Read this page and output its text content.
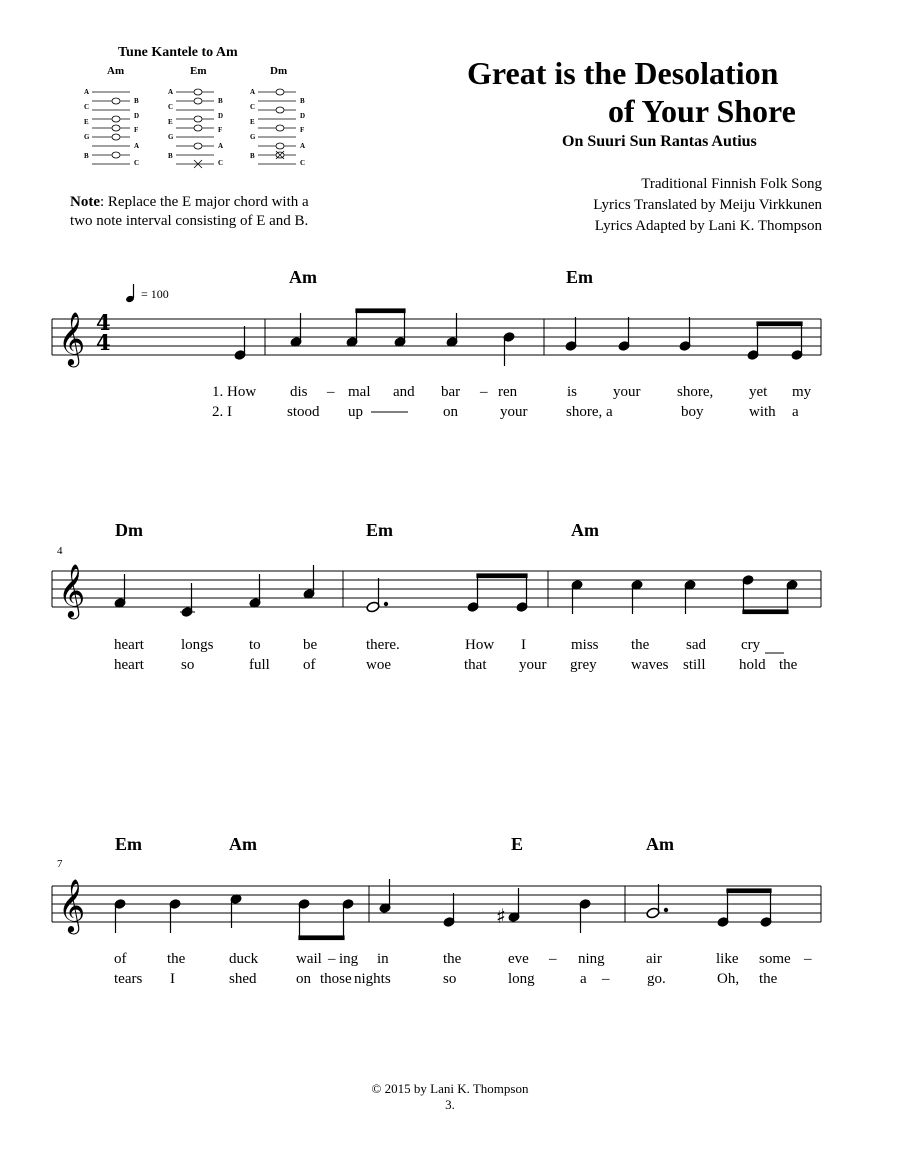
Tune Kantele to Am
Am	Em	Dm	Great is the Desolation
of Your Shore
On Suuri Sun Rantas Autius
Traditional Finnish Folk Song
Lyrics Translated by Meiju Virkkunen
Lyrics Adapted by Lani K. Thompson
Note: Replace the E major chord with a
two note interval consisting of E and B.
= 100
4
4
Am	Em
Dm	Em	Am
Em	Am	E	Am
4
7
1. How dis – mal and bar – ren	is your shore, yet my
2. I	stood up	on	your	shore, a	boy	with a
heart longs to	be	there.	How I	miss the sad cry
heart so	full of	woe	that your grey waves still hold the
of	the	duck	wail – ing in	the	eve – ning	air	like some –
tears I	shed	on those nights	so	long	a –	go.	Oh, the
© 2015 by Lani K. Thompson
3.
A
C
E
G
B
B
D
F
A
C
A
C
E
G
B
B
D
F
A
C
A
C
E
G
B
B
D
F
A
C
𝄞
𝄞
𝄞	♯
